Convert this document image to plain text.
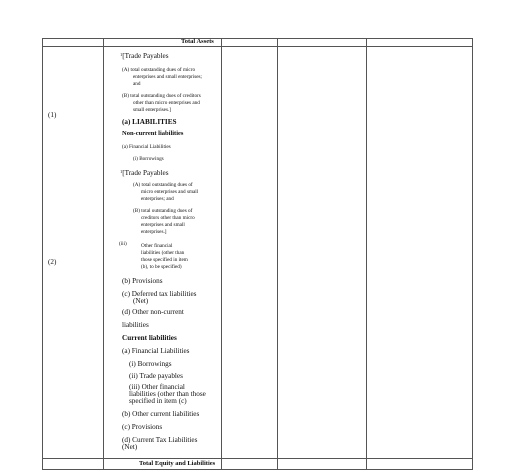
Total Assets
Total Equity and Liabilities
(1)
(2)
$^1$[Trade Payables
(A) total outstanding dues of micro
enterprises and small enterprises;
and
(B) total outstanding dues of creditors
other than micro enterprises and
small enterprises.]
(a) LIABILITIES
Non-current liabilities
(a) Financial Liabilities
(i) Borrowings
$^1$[Trade Payables
(A) total outstanding dues of
micro enterprises and small
enterprises; and
(B) total outstanding dues of
creditors other than micro
enterprises and small
enterprises.]
(iii)	Other financial
liabilities (other than
those specified in item
(b), to be specified)
(b) Provisions
(c) Deferred tax liabilities
(Net)
(d) Other non-current
liabilities
Current liabilities
(a) Financial Liabilities
(i) Borrowings
(ii) Trade payables
(iii) Other financial
liabilities (other than those
specified in item (c)
(b) Other current liabilities
(c) Provisions
(d) Current Tax Liabilities
(Net)
